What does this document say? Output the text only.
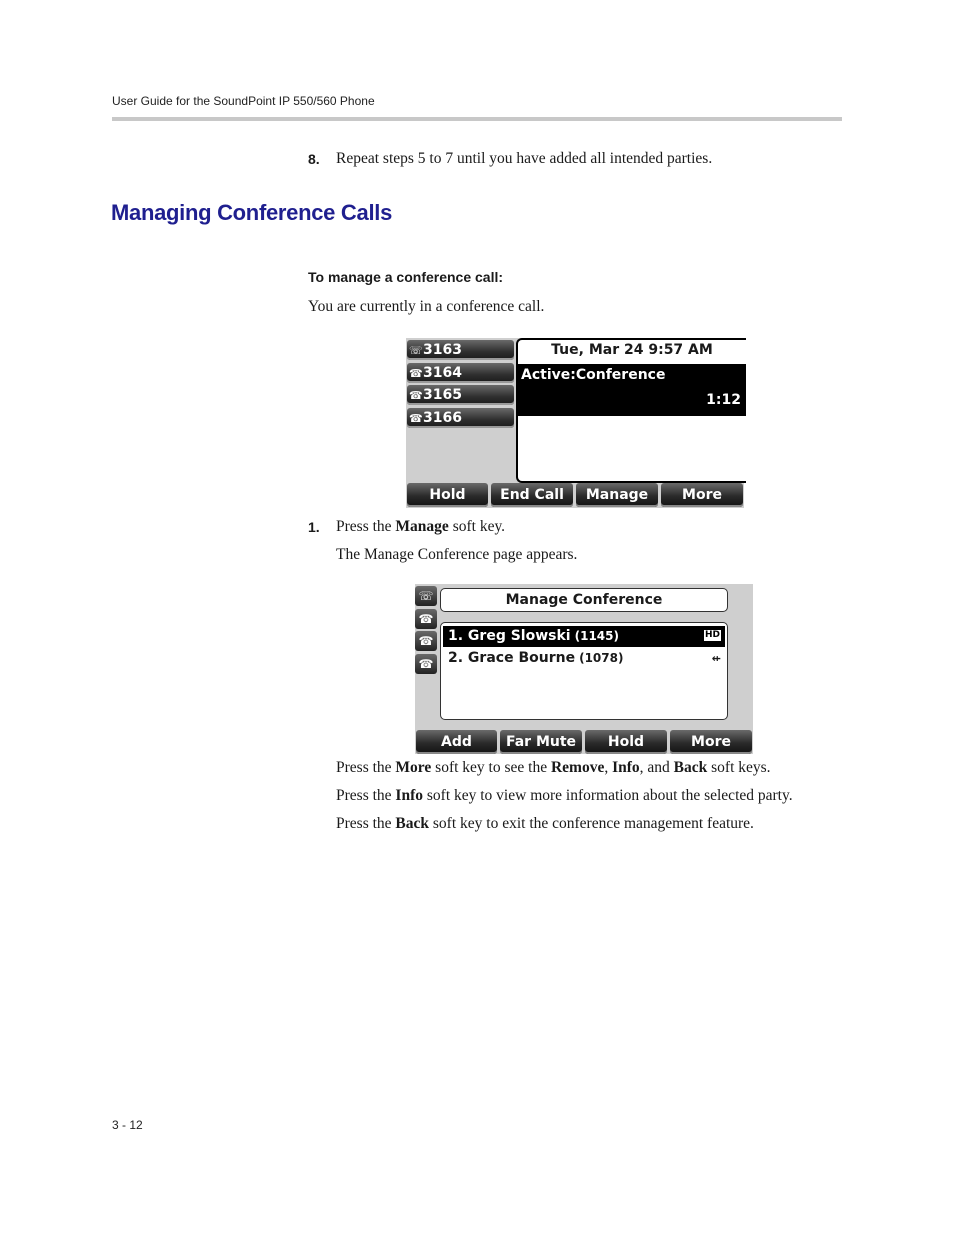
User Guide for the SoundPoint IP 550/560 Phone
8. Repeat steps 5 to 7 until you have added all intended parties.
Managing Conference Calls
To manage a conference call:
You are currently in a conference call.
☏3163
☎3164
☎3165
☎3166
Tue, Mar 24 9:57 AM
Active:Conference
1:12
Hold	End Call	Manage	More
1. Press the Manage soft key.
The Manage Conference page appears.
☏
☎
☎
☎
Manage Conference
1. Greg Slowski (1145)	HD
2. Grace Bourne (1078)	⇷
Add	Far Mute	Hold	More
Press the More soft key to see the Remove, Info, and Back soft keys.
Press the Info soft key to view more information about the selected party.
Press the Back soft key to exit the conference management feature.
3 - 12
